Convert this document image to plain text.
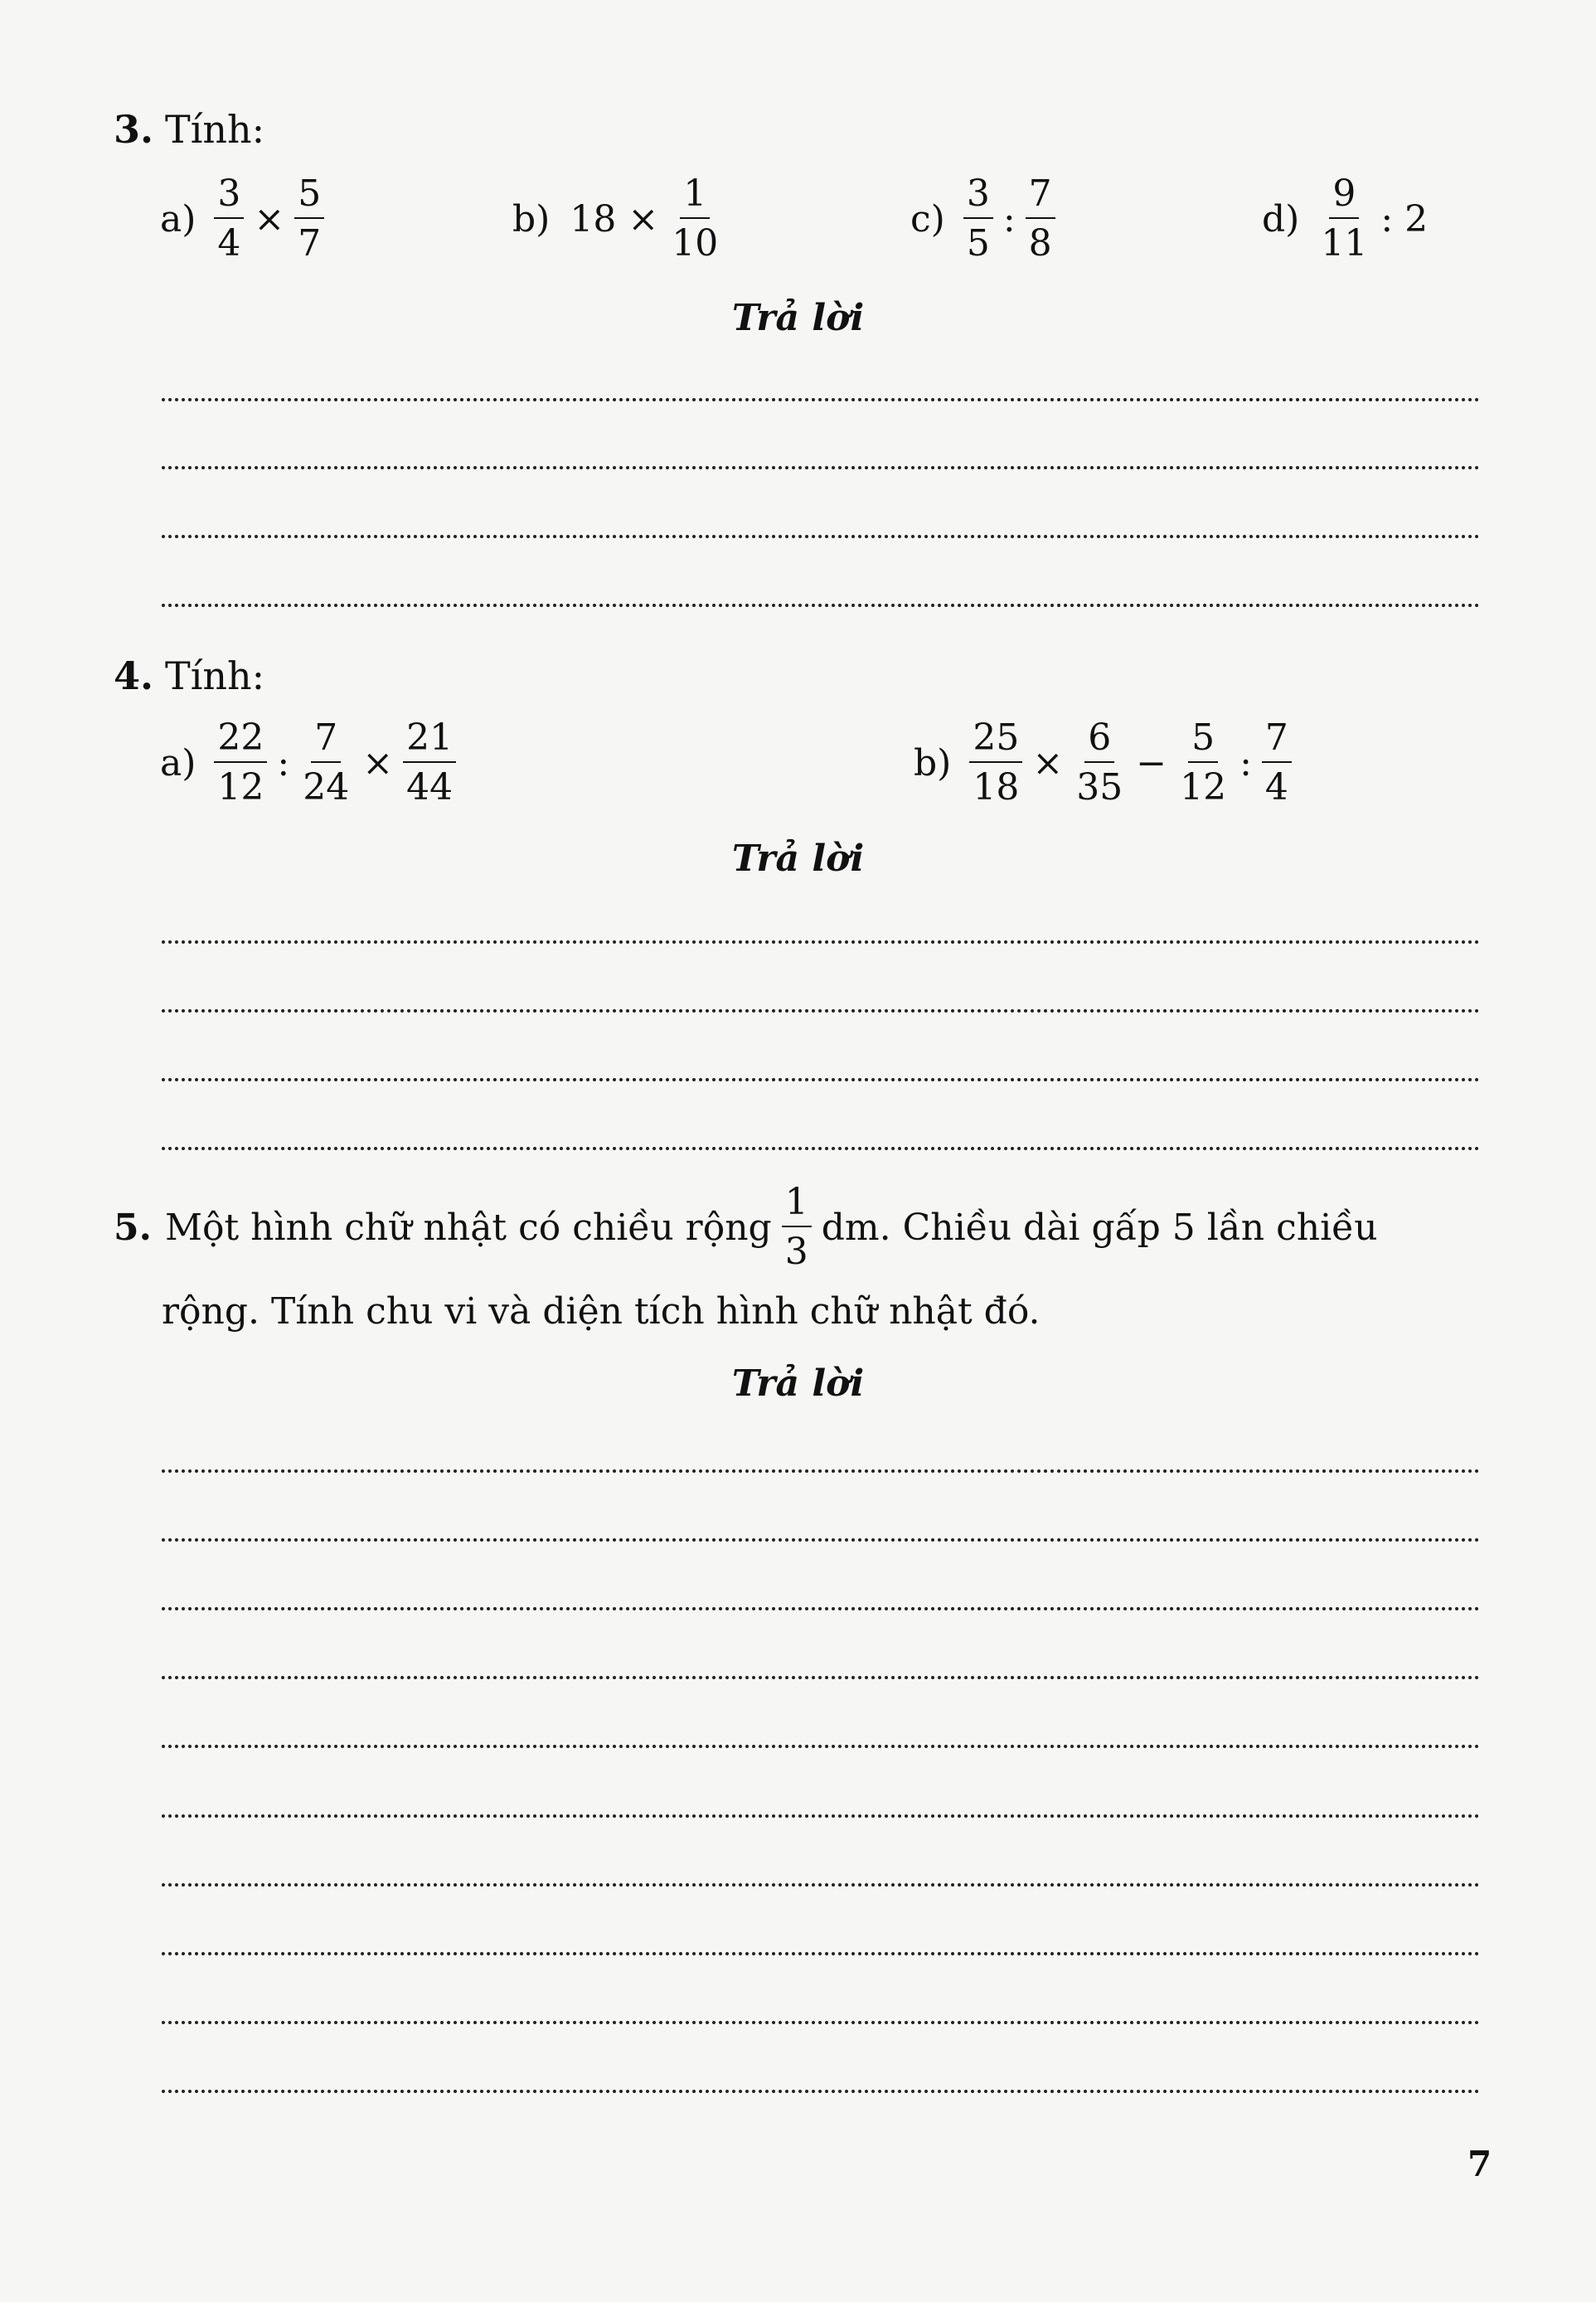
3. Tính:
$a) \frac{3}{4} \times \frac{5}{7}$	b) $18 \times \frac{1}{10}$	$c) \frac{3}{5}$ : $\frac{7}{8}$	$d) \frac{9}{11}$ : 2
Trả lời
4. Tính:
$a) \frac{22}{12}$ : $\frac{7}{24} \times \frac{21}{44}$	$b) \frac{25}{18} \times \frac{6}{35} - \frac{5}{12}$ : $\frac{7}{4}$
Trả lời
5. Một hình chữ nhật có chiều rộng $\frac{1}{3}$ dm. Chiều dài gấp 5 lần chiều
rộng. Tính chu vi và diện tích hình chữ nhật đó.
Trả lời
7
